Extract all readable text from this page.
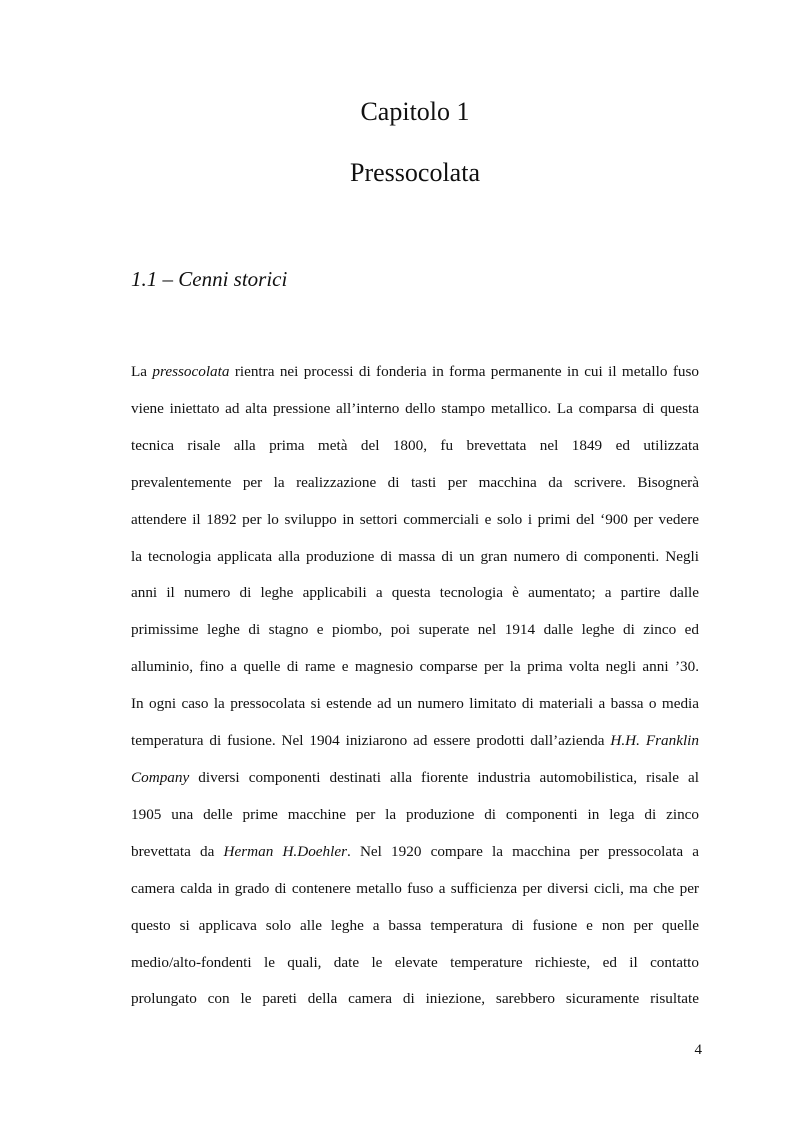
Capitolo 1
Pressocolata
1.1 – Cenni storici
La pressocolata rientra nei processi di fonderia in forma permanente in cui il metallo fuso
viene iniettato ad alta pressione all’interno dello stampo metallico. La comparsa di questa
tecnica risale alla prima metà del 1800, fu brevettata nel 1849 ed utilizzata
prevalentemente per la realizzazione di tasti per macchina da scrivere. Bisognerà
attendere il 1892 per lo sviluppo in settori commerciali e solo i primi del ‘900 per vedere
la tecnologia applicata alla produzione di massa di un gran numero di componenti. Negli
anni il numero di leghe applicabili a questa tecnologia è aumentato; a partire dalle
primissime leghe di stagno e piombo, poi superate nel 1914 dalle leghe di zinco ed
alluminio, fino a quelle di rame e magnesio comparse per la prima volta negli anni ’30.
In ogni caso la pressocolata si estende ad un numero limitato di materiali a bassa o media
temperatura di fusione. Nel 1904 iniziarono ad essere prodotti dall’azienda H.H. Franklin
Company diversi componenti destinati alla fiorente industria automobilistica, risale al
1905 una delle prime macchine per la produzione di componenti in lega di zinco
brevettata da Herman H.Doehler. Nel 1920 compare la macchina per pressocolata a
camera calda in grado di contenere metallo fuso a sufficienza per diversi cicli, ma che per
questo si applicava solo alle leghe a bassa temperatura di fusione e non per quelle
medio/alto-fondenti le quali, date le elevate temperature richieste, ed il contatto
prolungato con le pareti della camera di iniezione, sarebbero sicuramente risultate
4
